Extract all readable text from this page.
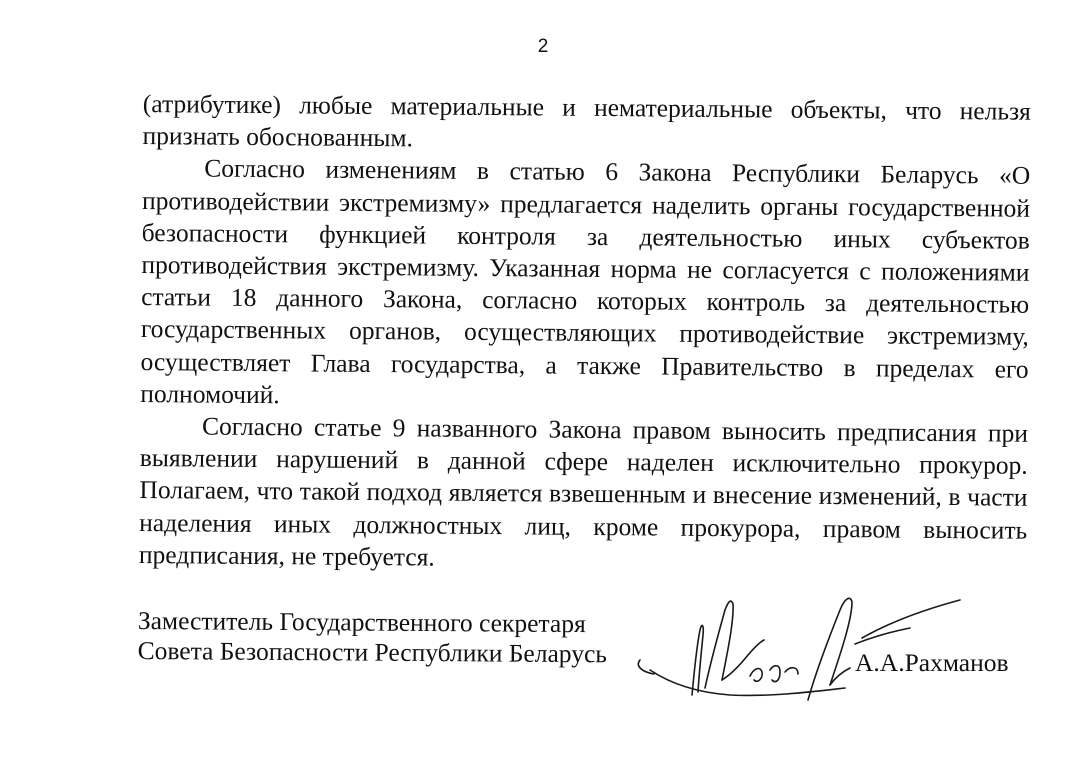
2

(атрибутике) любые материальные и нематериальные объекты, что нельзя признать обоснованным.

Согласно изменениям в статью 6 Закона Республики Беларусь «О противодействии экстремизму» предлагается наделить органы государственной безопасности функцией контроля за деятельностью иных субъектов противодействия экстремизму. Указанная норма не согласуется с положениями статьи 18 данного Закона, согласно которых контроль за деятельностью государственных органов, осуществляющих противодействие экстремизму, осуществляет Глава государства, а также Правительство в пределах его полномочий.

Согласно статье 9 названного Закона правом выносить предписания при выявлении нарушений в данной сфере наделен исключительно прокурор. Полагаем, что такой подход является взвешенным и внесение изменений, в части наделения иных должностных лиц, кроме прокурора, правом выносить предписания, не требуется.

Заместитель Государственного секретаря
Совета Безопасности Республики Беларусь	А.А.Рахманов
